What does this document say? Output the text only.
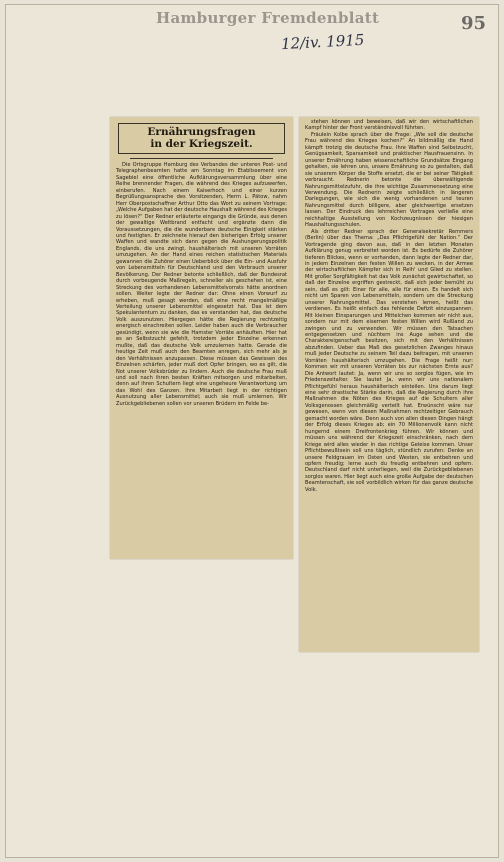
Hamburger Fremdenblatt	95
12/iv. 1915
Ernährungsfragen
in der Kriegszeit.

Die Ortsgruppe Hamburg des Verbandes der unteren Post- und Telegraphenbeamten hatte am Sonntag im Etablissement von Sagebiel eine öffentliche Aufklärungsversammlung über eine Reihe brennender Fragen, die während des Krieges aufzuwerfen, einberufen. Nach einem Kaiserhoch und einer kurzen Begrüßungsansprache des Vorsitzenden, Herrn L. Pätow, nahm Herr Oberpostschaffner Arthur Otto das Wort zu seinem Vortrage: „Welche Aufgaben hat der deutsche Haushalt während des Krieges zu lösen?“ Der Redner erläuterte eingangs die Gründe, aus denen der gewaltige Weltbrand entfacht und ergänzte dann die Voraussetzungen, die die wunderbare deutsche Einigkeit stärken und festigten. Er zeichnete hierauf den bisherigen Erfolg unserer Waffen und wandte sich dann gegen die Aushungerungspolitik Englands, die uns zwingt, haushälterisch mit unseren Vorräten umzugehen. An der Hand eines reichen statistischen Materials gewannen die Zuhörer einen Ueberblick über die Ein- und Ausfuhr von Lebensmitteln für Deutschland und den Verbrauch unserer Bevölkerung. Der Redner betonte schließlich, daß der Bundesrat durch vorbeugende Maßregeln, schneller als geschehen ist, eine Streckung des vorhandenen Lebensmittelvorrats hätte anordnen sollen. Weiter legte der Redner dar: Ohne einen Vorwurf zu erheben, muß gesagt werden, daß eine recht mangelmäßige Verteilung unserer Lebensmittel eingesetzt hat. Das ist dem Spekulantentum zu danken, das es verstanden hat, das deutsche Volk auszunutzen. Hiergegen hätte die Regierung rechtzeitig energisch einschreiten sollen. Leider haben auch die Verbraucher gesündigt, wenn sie wie die Hamster Vorräte anhäuften. Hier hat es an Selbstzucht gefehlt, trotzdem jeder Einzelne erkennen mußte, daß das deutsche Volk umzulernen hatte. Gerade die heutige Zeit muß auch den Beamten anregen, sich mehr als je den Verhältnissen anzupassen. Diese müssen das Gewissen des Einzelnen schärfen, jeder muß dort Opfer bringen, wo es gilt, die Not unserer Volksbrüder zu lindern. Auch die deutsche Frau muß und soll nach ihren besten Kräften mitsorgen und mitarbeiten, denn auf ihren Schultern liegt eine ungeheure Verantwortung um das Wohl des Ganzen. Ihre Mitarbeit liegt in der richtigen Ausnutzung aller Lebensmittel; auch sie muß umlernen. Wir Zurückgebliebenen sollen vor unseren Brüdern im Felde be-

stehen können und beweisen, daß wir den wirtschaftlichen Kampf hinter der Front verständnisvoll führten.

Fräulein Kolbe sprach über die Frage: „Wie soll die deutsche Frau während des Krieges kochen?“ An bildmäßig die Hand kämpft trotzig die deutsche Frau. Ihre Waffen sind Selbstzucht, Genügsamkeit, Sparsamkeit und praktischer Hausfrauensinn. In unserer Ernährung haben wissenschaftliche Grundsätze Eingang gehalten, sie lehren uns, unsere Ernährung so zu gestalten, daß sie unserem Körper die Stoffe ersetzt, die er bei seiner Tätigkeit verbraucht. Rednerin betonte die überwältigende Nahrungsmittelzufuhr, die ihre wichtige Zusammensetzung eine Verwendung. Die Rednerin zeigte schließlich in längeren Darlegungen, wie sich die wenig vorhandenen und teuren Nahrungsmittel durch billigere, aber gleichwertige ersetzen lassen. Der Eindruck des lehrreichen Vortrages verließe eine reichhaltige Ausstellung von Kochzeugnissen der hiesigen Haushaltungsschulen.

Als dritter Redner sprach der Generalsekretär Remmers (Berlin) über das Thema: „Das Pflichtgefühl der Nation.“ Der Vortragende ging davon aus, daß in den letzten Monaten Aufklärung genug verbreitet worden ist. Es bedürfe die Zuhörer tieferen Blickes, wenn er vorhanden, dann legte der Redner dar, in jedem Einzelnen den festen Willen zu wecken, in der Armee der wirtschaftlichen Kämpfer sich in Reih' und Glied zu stellen. Mit großer Sorgfältigkeit hat das Volk zunächst gewirtschaftet, so daß der Einzelne ergriffen gestreckt, daß sich jeder bemüht zu sein, daß es gilt: Einer für alle, alle für einen. Es handelt sich nicht um Sparen von Lebensmitteln, sondern um die Streckung unserer Nahrungsmittel. Das verstehen lernen, heißt das verdienen. Es heißt einfach das fehlende Defizit einzuspannen. Mit kleinen Einsparungen und Mittelchen kommen wir nicht aus, sondern nur mit dem eisernen festen Willen wird Rußland zu zwingen und zu verwenden. Wir müssen den Tatsachen entgegensetzen und nüchtern ins Auge sehen und die Charaktereigenschaft besitzen, sich mit den Verhältnissen abzufinden. Ueber das Maß des gesetzlichen Zwanges hinaus muß jeder Deutsche zu seinem Teil dazu beitragen, mit unseren Vorräten haushälterisch umzugehen. Die Frage heißt nur: Kommen wir mit unseren Vorräten bis zur nächsten Ernte aus? Die Antwort lautet: Ja, wenn wir uns so sorglos fügen, wie im Friedenszeitalter. Sie lautet Ja, wenn wir uns nationalem Pflichtgefühl heraus haushälterisch einteilen. Uns darum liegt eine sehr drastische Stärke darin, daß die Regierung durch ihre Maßnahmen die Nöten des Krieges auf die Schultern aller Volksgenossen gleichmäßig verteilt hat. Erwünscht wäre nur gewesen, wenn von diesen Maßnahmen rechtzeitiger Gebrauch gemacht worden wäre. Denn auch von allen diesen Dingen hängt der Erfolg dieses Krieges ab; ein 70 Millionenvolk kann nicht hungernd einem Dreifrontenkrieg führen. Wir können und müssen uns während der Kriegszeit einschränken, nach dem Kriege wird alles wieder in das richtige Geleise kommen. Unser Pflichtbewußtsein soll uns täglich, stündlich zurufen: Denke an unsere Feldgrauen im Osten und Westen, sie entbehren und opfern freudig; lerne auch du freudig entbehren und opfern. Deutschland darf nicht unterliegen, weil die Zurückgebliebenen sorglos waren. Hier liegt auch eine große Aufgabe der deutschen Beamtenschaft, sie soll vorbildlich wirken für das ganze deutsche Volk.
